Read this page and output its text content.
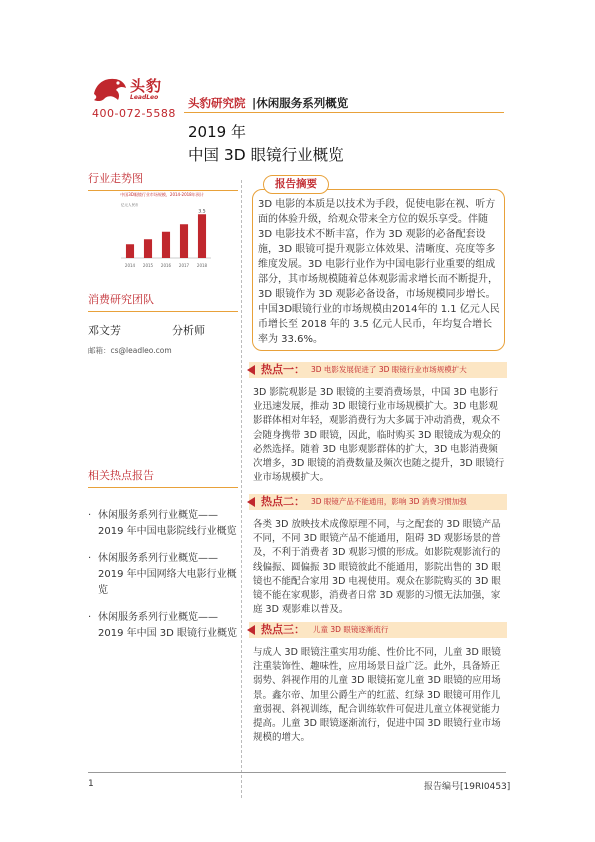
头豹
LeadLeo
400-072-5588
头豹研究院 |休闲服务系列概览
2019 年
中国 3D 眼镜行业概览
行业走势图
中国3D眼镜行业市场规模，2014-2018年预计
2014 2015 2016 2017 2018
3.5
亿元人民币
消费研究团队
邓文芳	分析师
邮箱：cs@leadleo.com
相关热点报告
· 休闲服务系列行业概览——2019 年中国电影院线行业概览
· 休闲服务系列行业概览——2019 年中国网络大电影行业概览
· 休闲服务系列行业概览——2019 年中国 3D 眼镜行业概览
报告摘要
3D 电影的本质是以技术为手段，促使电影在视、听方面的体验升级，给观众带来全方位的娱乐享受。伴随 3D 电影技术不断丰富，作为 3D 观影的必备配套设施，3D 眼镜可提升观影立体效果、清晰度、亮度等多维度发展。3D 电影行业作为中国电影行业重要的组成部分，其市场规模随着总体观影需求增长而不断提升，3D 眼镜作为 3D 观影必备设备，市场规模同步增长。中国3D眼镜行业的市场规模由2014年的 1.1 亿元人民币增长至 2018 年的 3.5 亿元人民币，年均复合增长率为 33.6%。
热点一： 3D 电影发展促进了 3D 眼镜行业市场规模扩大
3D 影院观影是 3D 眼镜的主要消费场景，中国 3D 电影行业迅速发展，推动 3D 眼镜行业市场规模扩大。3D 电影观影群体相对年轻，观影消费行为大多属于冲动消费，观众不会随身携带 3D 眼镜，因此，临时购买 3D 眼镜成为观众的必然选择。随着 3D 电影观影群体的扩大，3D 电影消费频次增多，3D 眼镜的消费数量及频次也随之提升，3D 眼镜行业市场规模扩大。
热点二： 3D 眼镜产品不能通用，影响 3D 消费习惯加强
各类 3D 放映技术成像原理不同，与之配套的 3D 眼镜产品不同，不同 3D 眼镜产品不能通用，阻碍 3D 观影场景的普及，不利于消费者 3D 观影习惯的形成。如影院观影流行的线偏振、圆偏振 3D 眼镜彼此不能通用，影院出售的 3D 眼镜也不能配合家用 3D 电视使用。观众在影院购买的 3D 眼镜不能在家观影，消费者日常 3D 观影的习惯无法加强，家庭 3D 观影难以普及。
热点三： 儿童 3D 眼镜逐渐流行
与成人 3D 眼镜注重实用功能、性价比不同，儿童 3D 眼镜注重装饰性、趣味性，应用场景日益广泛。此外，具备矫正弱势、斜视作用的儿童 3D 眼镜拓宽儿童 3D 眼镜的应用场景。鑫尔帝、加里公爵生产的红蓝、红绿 3D 眼镜可用作儿童弱视、斜视训练，配合训练软件可促进儿童立体视觉能力提高。儿童 3D 眼镜逐渐流行，促进中国 3D 眼镜行业市场规模的增大。
1	报告编号[19RI0453]
